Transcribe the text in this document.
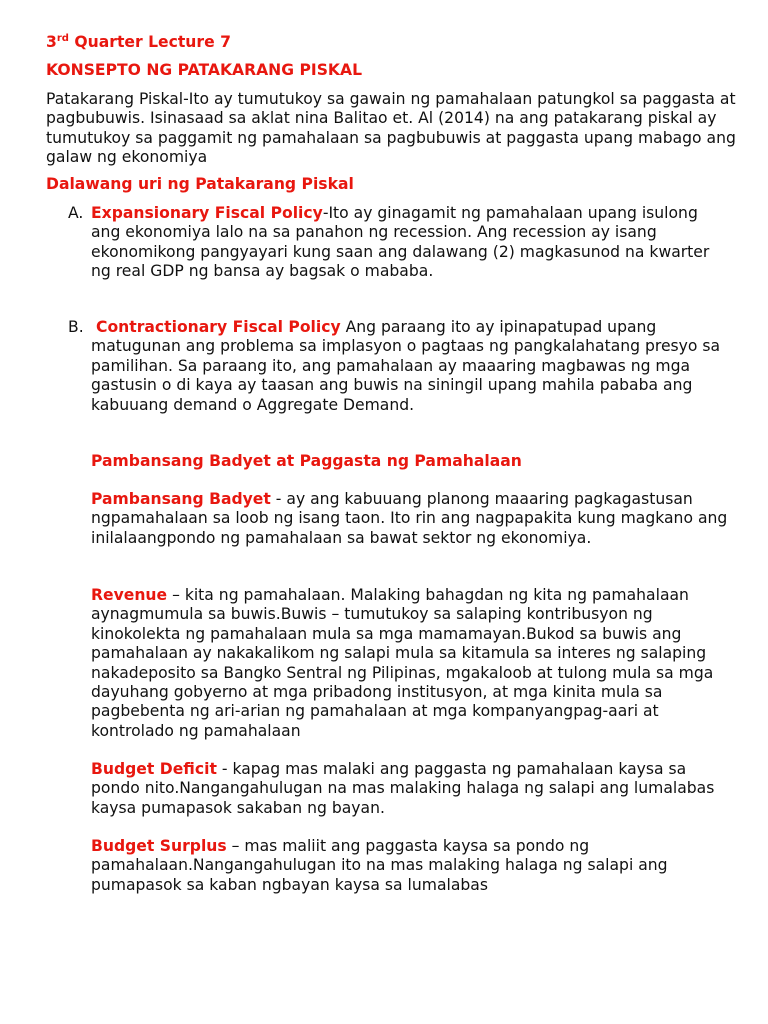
3rd Quarter Lecture 7

KONSEPTO NG PATAKARANG PISKAL

Patakarang Piskal-Ito ay tumutukoy sa gawain ng pamahalaan patungkol sa paggasta at pagbubuwis. Isinasaad sa aklat nina Balitao et. Al (2014) na ang patakarang piskal ay tumutukoy sa paggamit ng pamahalaan sa pagbubuwis at paggasta upang mabago ang galaw ng ekonomiya

Dalawang uri ng Patakarang Piskal

A. Expansionary Fiscal Policy-Ito ay ginagamit ng pamahalaan upang isulong ang ekonomiya lalo na sa panahon ng recession. Ang recession ay isang ekonomikong pangyayari kung saan ang dalawang (2) magkasunod na kwarter ng real GDP ng bansa ay bagsak o mababa.

B. Contractionary Fiscal Policy Ang paraang ito ay ipinapatupad upang matugunan ang problema sa implasyon o pagtaas ng pangkalahatang presyo sa pamilihan. Sa paraang ito, ang pamahalaan ay maaaring magbawas ng mga gastusin o di kaya ay taasan ang buwis na siningil upang mahila pababa ang kabuuang demand o Aggregate Demand.

Pambansang Badyet at Paggasta ng Pamahalaan

Pambansang Badyet - ay ang kabuuang planong maaaring pagkagastusan ngpamahalaan sa loob ng isang taon. Ito rin ang nagpapakita kung magkano ang inilalaangpondo ng pamahalaan sa bawat sektor ng ekonomiya.

Revenue – kita ng pamahalaan. Malaking bahagdan ng kita ng pamahalaan aynagmumula sa buwis.Buwis – tumutukoy sa salaping kontribusyon ng kinokolekta ng pamahalaan mula sa mga mamamayan.Bukod sa buwis ang pamahalaan ay nakakalikom ng salapi mula sa kitamula sa interes ng salaping nakadeposito sa Bangko Sentral ng Pilipinas, mgakaloob at tulong mula sa mga dayuhang gobyerno at mga pribadong institusyon, at mga kinita mula sa pagbebenta ng ari-arian ng pamahalaan at mga kompanyangpag-aari at kontrolado ng pamahalaan

Budget Deficit - kapag mas malaki ang paggasta ng pamahalaan kaysa sa pondo nito.Nangangahulugan na mas malaking halaga ng salapi ang lumalabas kaysa pumapasok sakaban ng bayan.

Budget Surplus – mas maliit ang paggasta kaysa sa pondo ng pamahalaan.Nangangahulugan ito na mas malaking halaga ng salapi ang pumapasok sa kaban ngbayan kaysa sa lumalabas
